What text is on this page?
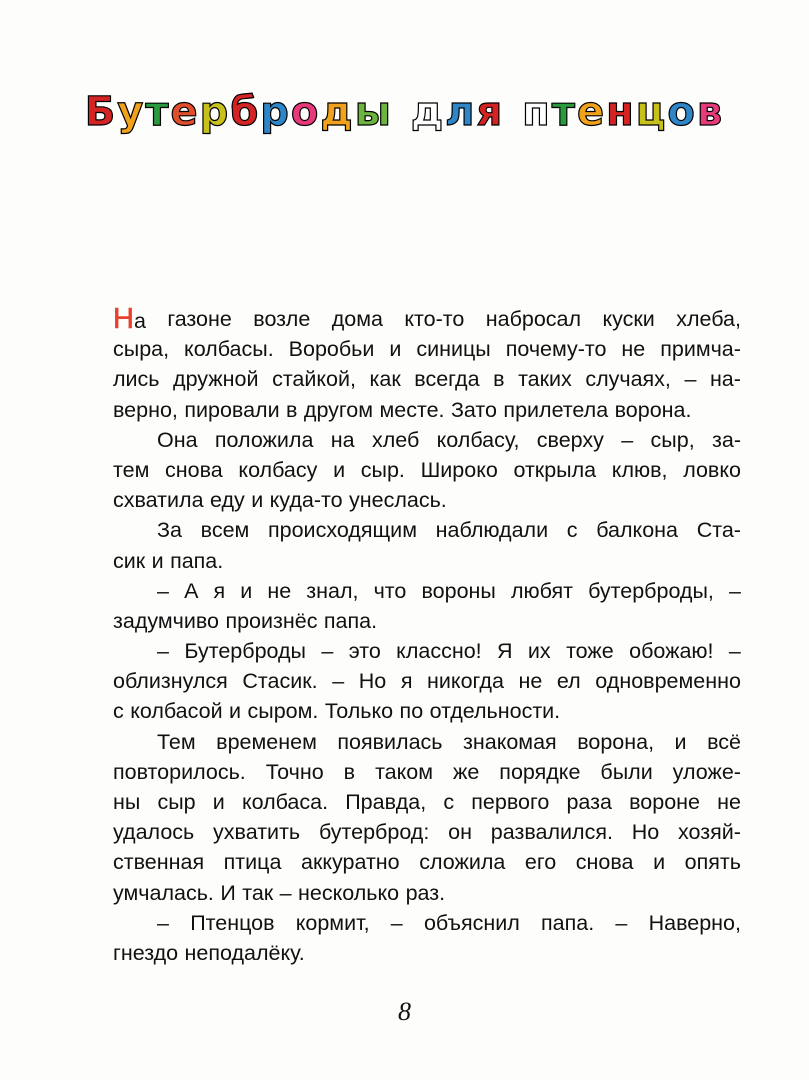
Бутерброды для птенцов
На газоне возле дома кто-то набросал куски хлеба,
сыра, колбасы. Воробьи и синицы почему-то не примча-
лись дружной стайкой, как всегда в таких случаях, – на-
верно, пировали в другом месте. Зато прилетела ворона.
Она положила на хлеб колбасу, сверху – сыр, за-
тем снова колбасу и сыр. Широко открыла клюв, ловко
схватила еду и куда-то унеслась.
За всем происходящим наблюдали с балкона Ста-
сик и папа.
– А я и не знал, что вороны любят бутерброды, –
задумчиво произнёс папа.
– Бутерброды – это классно! Я их тоже обожаю! –
облизнулся Стасик. – Но я никогда не ел одновременно
с колбасой и сыром. Только по отдельности.
Тем временем появилась знакомая ворона, и всё
повторилось. Точно в таком же порядке были уложе-
ны сыр и колбаса. Правда, с первого раза вороне не
удалось ухватить бутерброд: он развалился. Но хозяй-
ственная птица аккуратно сложила его снова и опять
умчалась. И так – несколько раз.
– Птенцов кормит, – объяснил папа. – Наверно,
гнездо неподалёку.
8
